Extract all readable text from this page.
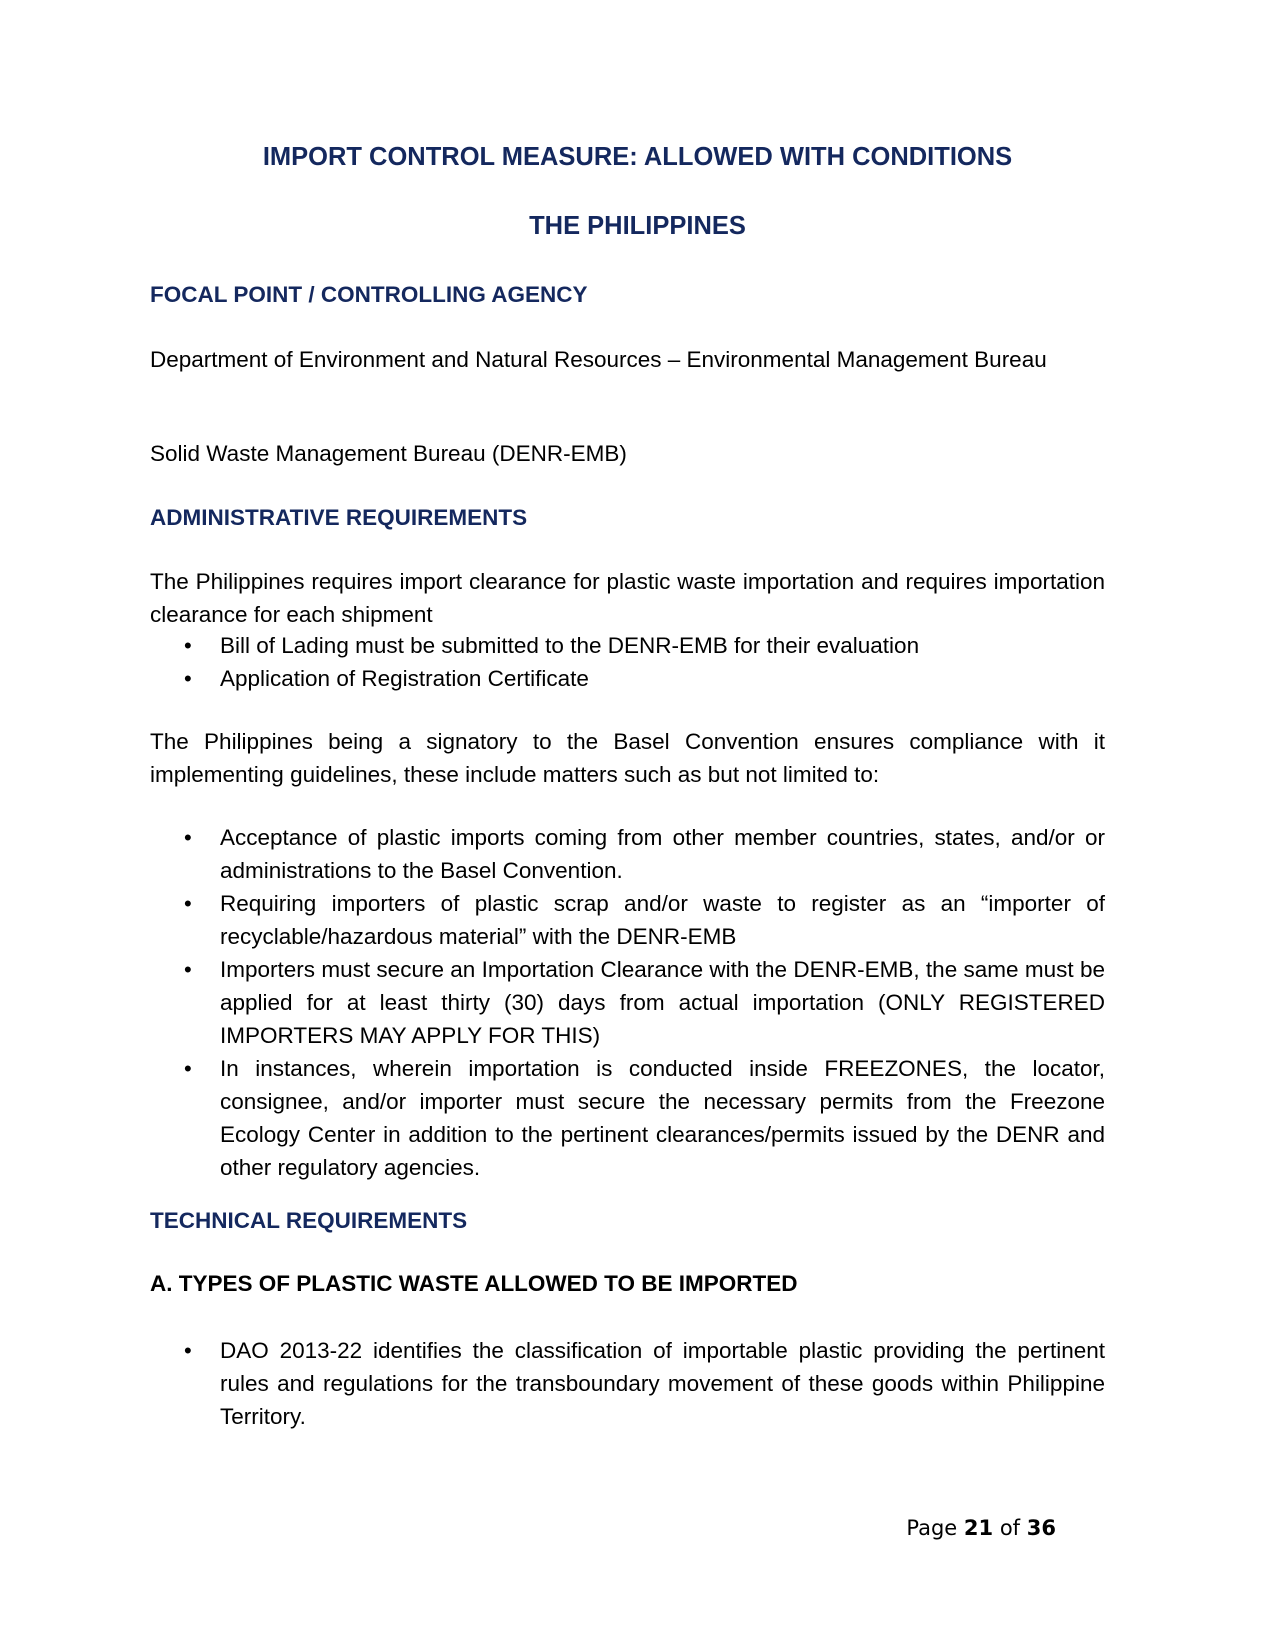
IMPORT CONTROL MEASURE: ALLOWED WITH CONDITIONS
THE PHILIPPINES
FOCAL POINT / CONTROLLING AGENCY

Department of Environment and Natural Resources – Environmental Management Bureau

Solid Waste Management Bureau (DENR-EMB)

ADMINISTRATIVE REQUIREMENTS

The Philippines requires import clearance for plastic waste importation and requires importation clearance for each shipment

• Bill of Lading must be submitted to the DENR-EMB for their evaluation
• Application of Registration Certificate

The Philippines being a signatory to the Basel Convention ensures compliance with it implementing guidelines, these include matters such as but not limited to:

• Acceptance of plastic imports coming from other member countries, states, and/or or administrations to the Basel Convention.
• Requiring importers of plastic scrap and/or waste to register as an “importer of recyclable/hazardous material” with the DENR-EMB
• Importers must secure an Importation Clearance with the DENR-EMB, the same must be applied for at least thirty (30) days from actual importation (ONLY REGISTERED IMPORTERS MAY APPLY FOR THIS)
• In instances, wherein importation is conducted inside FREEZONES, the locator, consignee, and/or importer must secure the necessary permits from the Freezone Ecology Center in addition to the pertinent clearances/permits issued by the DENR and other regulatory agencies.
TECHNICAL REQUIREMENTS
A. TYPES OF PLASTIC WASTE ALLOWED TO BE IMPORTED
• DAO 2013-22 identifies the classification of importable plastic providing the pertinent rules and regulations for the transboundary movement of these goods within Philippine Territory.
Page 21 of 36
